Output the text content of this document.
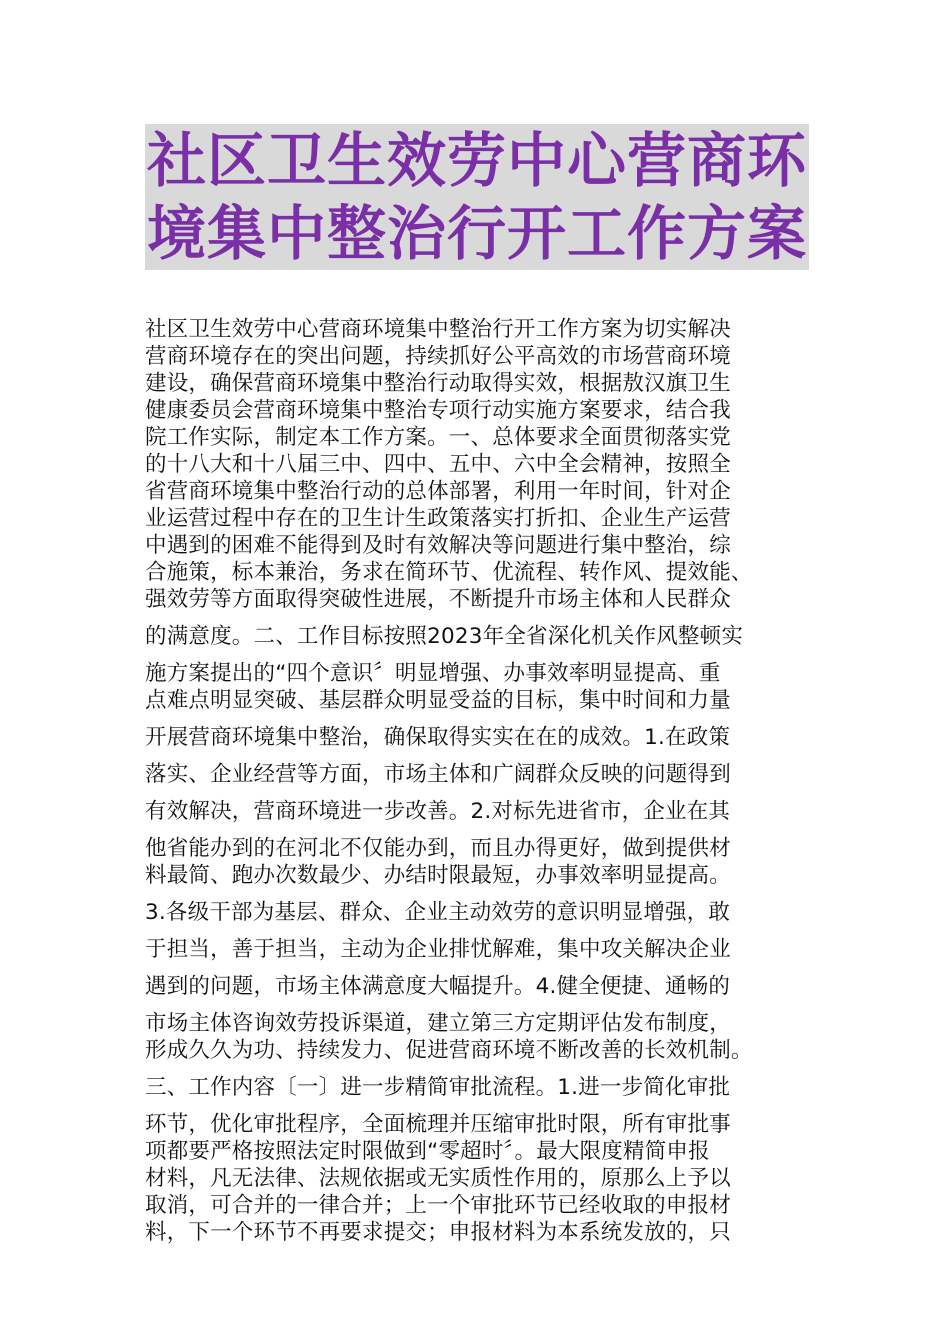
社区卫生效劳中心营商环
境集中整治行开工作方案
社区卫生效劳中心营商环境集中整治行开工作方案为切实解决
营商环境存在的突出问题，持续抓好公平高效的市场营商环境
建设，确保营商环境集中整治行动取得实效，根据敖汉旗卫生
健康委员会营商环境集中整治专项行动实施方案要求，结合我
院工作实际，制定本工作方案。一、总体要求全面贯彻落实党
的十八大和十八届三中、四中、五中、六中全会精神，按照全
省营商环境集中整治行动的总体部署，利用一年时间，针对企
业运营过程中存在的卫生计生政策落实打折扣、企业生产运营
中遇到的困难不能得到及时有效解决等问题进行集中整治，综
合施策，标本兼治，务求在简环节、优流程、转作风、提效能、
强效劳等方面取得突破性进展，不断提升市场主体和人民群众
的满意度。二、工作目标按照2023年全省深化机关作风整顿实
施方案提出的“四个意识〞明显增强、办事效率明显提高、重
点难点明显突破、基层群众明显受益的目标，集中时间和力量
开展营商环境集中整治，确保取得实实在在的成效。1.在政策
落实、企业经营等方面，市场主体和广阔群众反映的问题得到
有效解决，营商环境进一步改善。2.对标先进省市，企业在其
他省能办到的在河北不仅能办到，而且办得更好，做到提供材
料最简、跑办次数最少、办结时限最短，办事效率明显提高。
3.各级干部为基层、群众、企业主动效劳的意识明显增强，敢
于担当，善于担当，主动为企业排忧解难，集中攻关解决企业
遇到的问题，市场主体满意度大幅提升。4.健全便捷、通畅的
市场主体咨询效劳投诉渠道，建立第三方定期评估发布制度，
形成久久为功、持续发力、促进营商环境不断改善的长效机制。
三、工作内容〔一〕进一步精简审批流程。1.进一步简化审批
环节，优化审批程序，全面梳理并压缩审批时限，所有审批事
项都要严格按照法定时限做到“零超时〞。最大限度精简申报
材料，凡无法律、法规依据或无实质性作用的，原那么上予以
取消，可合并的一律合并；上一个审批环节已经收取的申报材
料，下一个环节不再要求提交；申报材料为本系统发放的，只
